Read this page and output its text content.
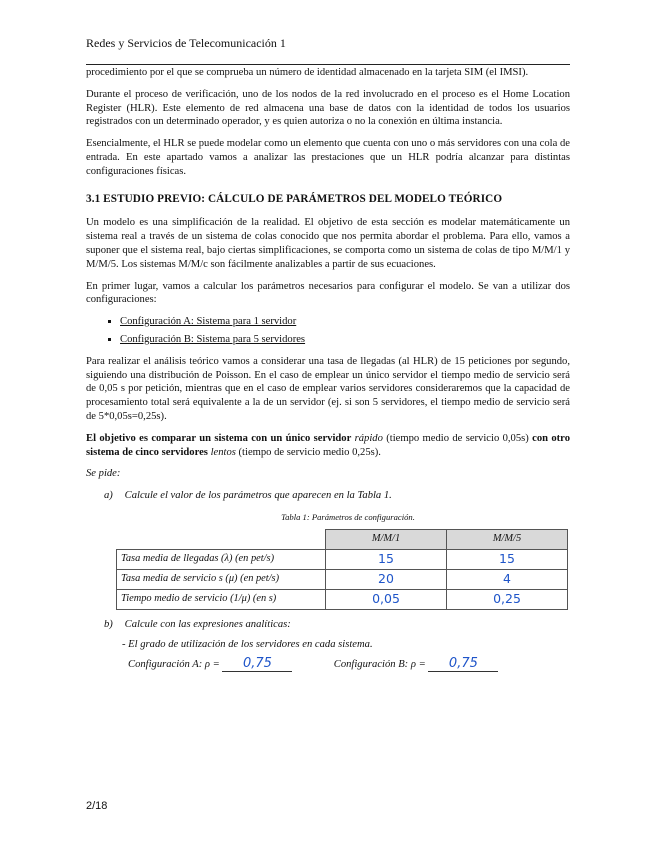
Redes y Servicios de Telecomunicación 1

procedimiento por el que se comprueba un número de identidad almacenado en la tarjeta SIM (el IMSI).

Durante el proceso de verificación, uno de los nodos de la red involucrado en el proceso es el Home Location Register (HLR). Este elemento de red almacena una base de datos con la identidad de todos los usuarios registrados con un determinado operador, y es quien autoriza o no la conexión en última instancia.

Esencialmente, el HLR se puede modelar como un elemento que cuenta con uno o más servidores con una cola de entrada. En este apartado vamos a analizar las prestaciones que un HLR podría alcanzar para distintas configuraciones físicas.

3.1 ESTUDIO PREVIO: CÁLCULO DE PARÁMETROS DEL MODELO TEÓRICO

Un modelo es una simplificación de la realidad. El objetivo de esta sección es modelar matemáticamente un sistema real a través de un sistema de colas conocido que nos permita abordar el problema. Para ello, vamos a suponer que el sistema real, bajo ciertas simplificaciones, se comporta como un sistema de colas de tipo M/M/1 y M/M/5. Los sistemas M/M/c son fácilmente analizables a partir de sus ecuaciones.

En primer lugar, vamos a calcular los parámetros necesarios para configurar el modelo. Se van a utilizar dos configuraciones:

▪ Configuración A: Sistema para 1 servidor
▪ Configuración B: Sistema para 5 servidores

Para realizar el análisis teórico vamos a considerar una tasa de llegadas (al HLR) de 15 peticiones por segundo, siguiendo una distribución de Poisson. En el caso de emplear un único servidor el tiempo medio de servicio será de 0,05 s por petición, mientras que en el caso de emplear varios servidores consideraremos que la capacidad de procesamiento total será equivalente a la de un servidor (ej. si son 5 servidores, el tiempo medio de servicio será de 5*0,05s=0,25s).

El objetivo es comparar un sistema con un único servidor rápido (tiempo medio de servicio 0,05s) con otro sistema de cinco servidores lentos (tiempo de servicio medio 0,25s).

Se pide:

a) Calcule el valor de los parámetros que aparecen en la Tabla 1.
Tabla 1: Parámetros de configuración.
	M/M/1	M/M/5
Tasa media de llegadas (λ) (en pet/s)	15	15
Tasa media de servicio s (μ) (en pet/s)	20	4
Tiempo medio de servicio (1/μ) (en s)	0,05	0,25
b) Calcule con las expresiones analíticas:
- El grado de utilización de los servidores en cada sistema.
Configuración A: ρ = 0,75	Configuración B: ρ = 0,75
2/18
